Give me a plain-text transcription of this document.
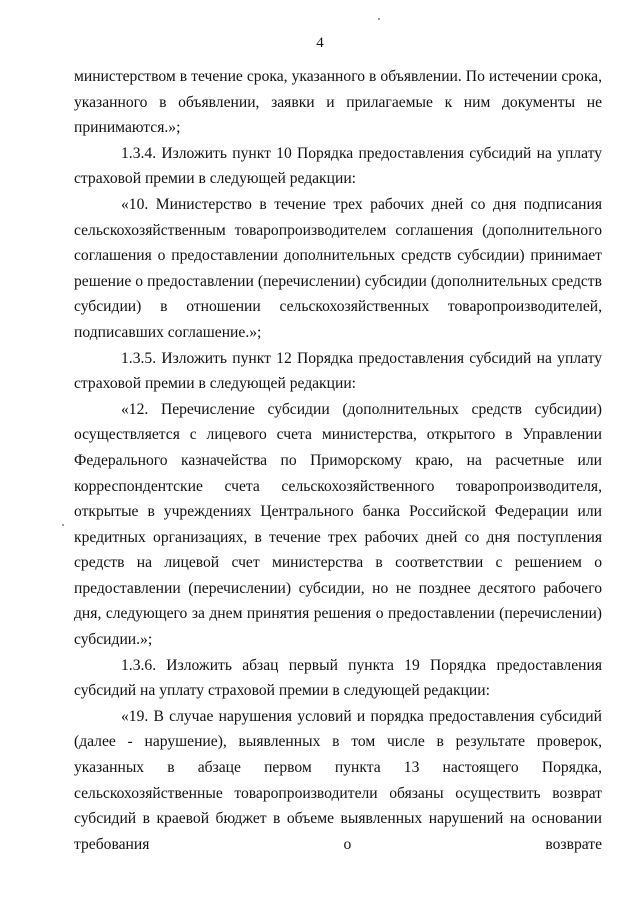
4

министерством в течение срока, указанного в объявлении. По истечении срока, указанного в объявлении, заявки и прилагаемые к ним документы не принимаются.»;

1.3.4. Изложить пункт 10 Порядка предоставления субсидий на уплату страховой премии в следующей редакции:

«10. Министерство в течение трех рабочих дней со дня подписания сельскохозяйственным товаропроизводителем соглашения (дополнительного соглашения о предоставлении дополнительных средств субсидии) принимает решение о предоставлении (перечислении) субсидии (дополнительных средств субсидии) в отношении сельскохозяйственных товаропроизводителей, подписавших соглашение.»;

1.3.5. Изложить пункт 12 Порядка предоставления субсидий на уплату страховой премии в следующей редакции:

«12. Перечисление субсидии (дополнительных средств субсидии) осуществляется с лицевого счета министерства, открытого в Управлении Федерального казначейства по Приморскому краю, на расчетные или корреспондентские счета сельскохозяйственного товаропроизводителя, открытые в учреждениях Центрального банка Российской Федерации или кредитных организациях, в течение трех рабочих дней со дня поступления средств на лицевой счет министерства в соответствии с решением о предоставлении (перечислении) субсидии, но не позднее десятого рабочего дня, следующего за днем принятия решения о предоставлении (перечислении) субсидии.»;

1.3.6. Изложить абзац первый пункта 19 Порядка предоставления субсидий на уплату страховой премии в следующей редакции:

«19. В случае нарушения условий и порядка предоставления субсидий (далее - нарушение), выявленных в том числе в результате проверок, указанных в абзаце первом пункта 13 настоящего Порядка, сельскохозяйственные товаропроизводители обязаны осуществить возврат субсидий в краевой бюджет в объеме выявленных нарушений на основании требования о возврате
